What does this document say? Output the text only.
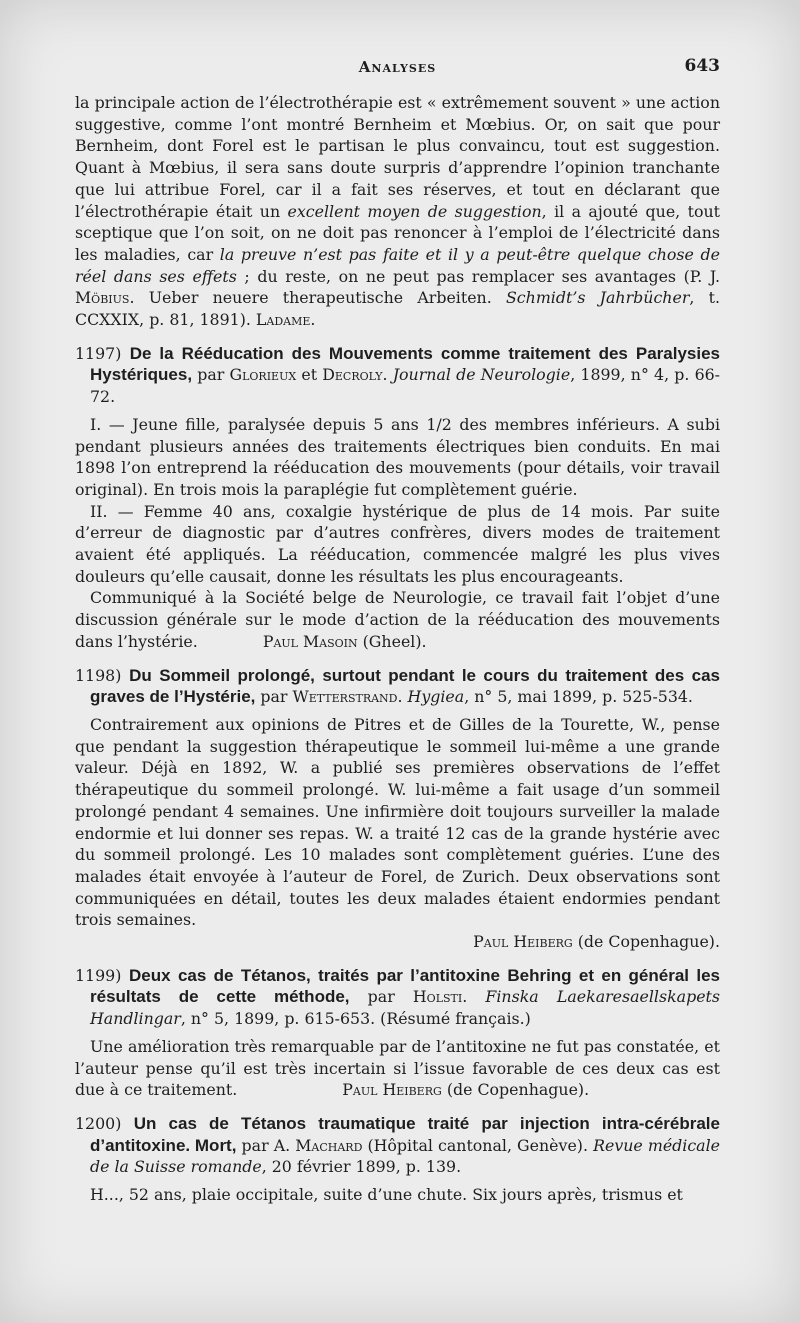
Analyses	643

la principale action de l’électrothérapie est « extrêmement souvent » une action suggestive, comme l’ont montré Bernheim et Mœbius. Or, on sait que pour Bernheim, dont Forel est le partisan le plus convaincu, tout est suggestion. Quant à Mœbius, il sera sans doute surpris d’apprendre l’opinion tranchante que lui attribue Forel, car il a fait ses réserves, et tout en déclarant que l’électrothérapie était un excellent moyen de suggestion, il a ajouté que, tout sceptique que l’on soit, on ne doit pas renoncer à l’emploi de l’électricité dans les maladies, car la preuve n’est pas faite et il y a peut-être quelque chose de réel dans ses effets ; du reste, on ne peut pas remplacer ses avantages (P. J. Möbius. Ueber neuere therapeutische Arbeiten. Schmidt’s Jahrbücher, t. CCXXIX, p. 81, 1891). Ladame.

1197) De la Rééducation des Mouvements comme traitement des Paralysies Hystériques, par Glorieux et Decroly. Journal de Neurologie, 1899, n° 4, p. 66-72.

I. — Jeune fille, paralysée depuis 5 ans 1/2 des membres inférieurs. A subi pendant plusieurs années des traitements électriques bien conduits. En mai 1898 l’on entreprend la rééducation des mouvements (pour détails, voir travail original). En trois mois la paraplégie fut complètement guérie.

II. — Femme 40 ans, coxalgie hystérique de plus de 14 mois. Par suite d’erreur de diagnostic par d’autres confrères, divers modes de traitement avaient été appliqués. La rééducation, commencée malgré les plus vives douleurs qu’elle causait, donne les résultats les plus encourageants.

Communiqué à la Société belge de Neurologie, ce travail fait l’objet d’une discussion générale sur le mode d’action de la rééducation des mouvements dans l’hystérie.	Paul Masoin (Gheel).

1198) Du Sommeil prolongé, surtout pendant le cours du traitement des cas graves de l’Hystérie, par Wetterstrand. Hygiea, n° 5, mai 1899, p. 525-534.

Contrairement aux opinions de Pitres et de Gilles de la Tourette, W., pense que pendant la suggestion thérapeutique le sommeil lui-même a une grande valeur. Déjà en 1892, W. a publié ses premières observations de l’effet thérapeutique du sommeil prolongé. W. lui-même a fait usage d’un sommeil prolongé pendant 4 semaines. Une infirmière doit toujours surveiller la malade endormie et lui donner ses repas. W. a traité 12 cas de la grande hystérie avec du sommeil prolongé. Les 10 malades sont complètement guéries. L’une des malades était envoyée à l’auteur de Forel, de Zurich. Deux observations sont communiquées en détail, toutes les deux malades étaient endormies pendant trois semaines.

Paul Heiberg (de Copenhague).

1199) Deux cas de Tétanos, traités par l’antitoxine Behring et en général les résultats de cette méthode, par Holsti. Finska Laekaresaellskapets Handlingar, n° 5, 1899, p. 615-653. (Résumé français.)

Une amélioration très remarquable par de l’antitoxine ne fut pas constatée, et l’auteur pense qu’il est très incertain si l’issue favorable de ces deux cas est due à ce traitement.	Paul Heiberg (de Copenhague).

1200) Un cas de Tétanos traumatique traité par injection intra-cérébrale d’antitoxine. Mort, par A. Machard (Hôpital cantonal, Genève). Revue médicale de la Suisse romande, 20 février 1899, p. 139.

H..., 52 ans, plaie occipitale, suite d’une chute. Six jours après, trismus et
